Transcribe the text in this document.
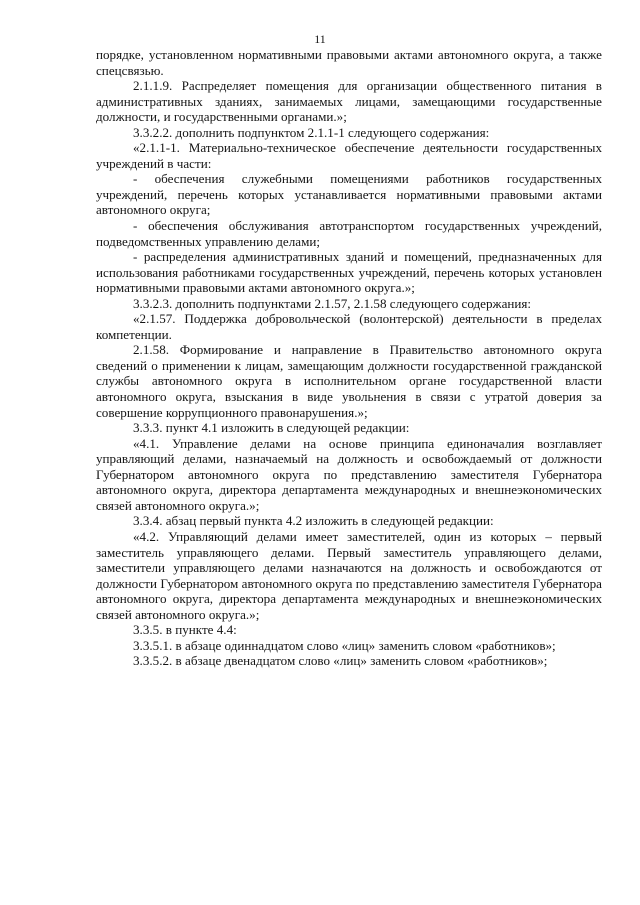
11

порядке, установленном нормативными правовыми актами автономного округа, а также спецсвязью.

2.1.1.9. Распределяет помещения для организации общественного питания в административных зданиях, занимаемых лицами, замещающими государственные должности, и государственными органами.»;

3.3.2.2. дополнить подпунктом 2.1.1-1 следующего содержания:

«2.1.1-1. Материально-техническое обеспечение деятельности государственных учреждений в части:

- обеспечения служебными помещениями работников государственных учреждений, перечень которых устанавливается нормативными правовыми актами автономного округа;

- обеспечения обслуживания автотранспортом государственных учреждений, подведомственных управлению делами;

- распределения административных зданий и помещений, предназначенных для использования работниками государственных учреждений, перечень которых установлен нормативными правовыми актами автономного округа.»;

3.3.2.3. дополнить подпунктами 2.1.57, 2.1.58 следующего содержания:

«2.1.57. Поддержка добровольческой (волонтерской) деятельности в пределах компетенции.

2.1.58. Формирование и направление в Правительство автономного округа сведений о применении к лицам, замещающим должности государственной гражданской службы автономного округа в исполнительном органе государственной власти автономного округа, взыскания в виде увольнения в связи с утратой доверия за совершение коррупционного правонарушения.»;

3.3.3. пункт 4.1 изложить в следующей редакции:

«4.1. Управление делами на основе принципа единоначалия возглавляет управляющий делами, назначаемый на должность и освобождаемый от должности Губернатором автономного округа по представлению заместителя Губернатора автономного округа, директора департамента международных и внешнеэкономических связей автономного округа.»;

3.3.4. абзац первый пункта 4.2 изложить в следующей редакции:

«4.2. Управляющий делами имеет заместителей, один из которых – первый заместитель управляющего делами. Первый заместитель управляющего делами, заместители управляющего делами назначаются на должность и освобождаются от должности Губернатором автономного округа по представлению заместителя Губернатора автономного округа, директора департамента международных и внешнеэкономических связей автономного округа.»;

3.3.5. в пункте 4.4:

3.3.5.1. в абзаце одиннадцатом слово «лиц» заменить словом «работников»;

3.3.5.2. в абзаце двенадцатом слово «лиц» заменить словом «работников»;
